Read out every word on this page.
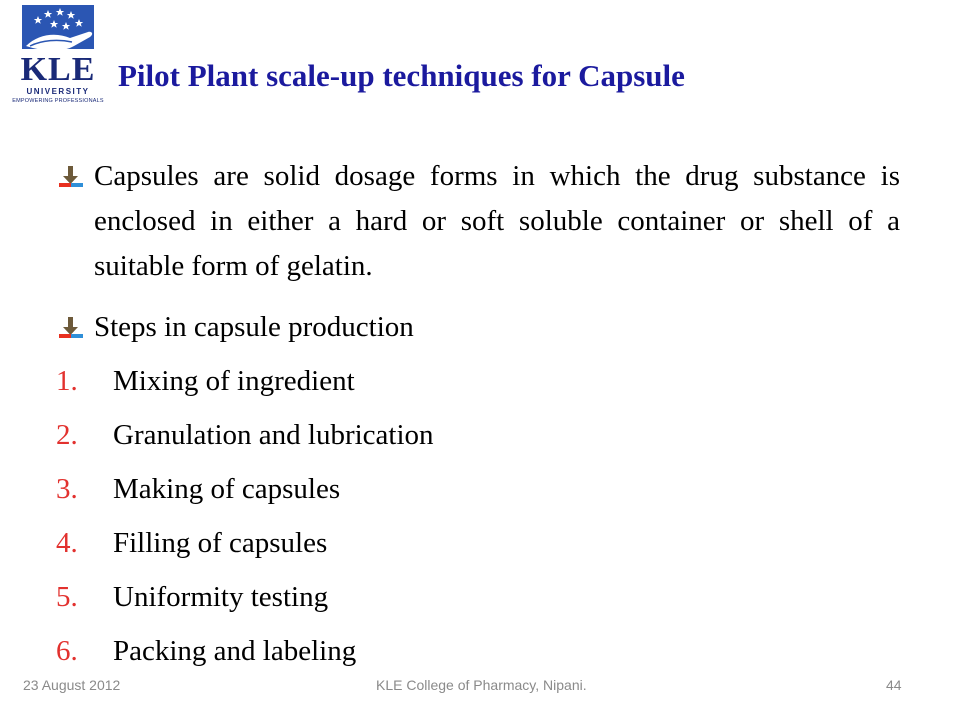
KLE
UNIVERSITY
EMPOWERING PROFESSIONALS
Pilot Plant scale-up techniques for Capsule
Capsules are solid dosage forms in which the drug substance is enclosed in either a hard or soft soluble container or shell of a suitable form of gelatin.
Steps in capsule production
1.	Mixing of ingredient
2.	Granulation and lubrication
3.	Making of capsules
4.	Filling of capsules
5.	Uniformity testing
6.	Packing and labeling
23 August 2012	KLE College of Pharmacy, Nipani.	44
